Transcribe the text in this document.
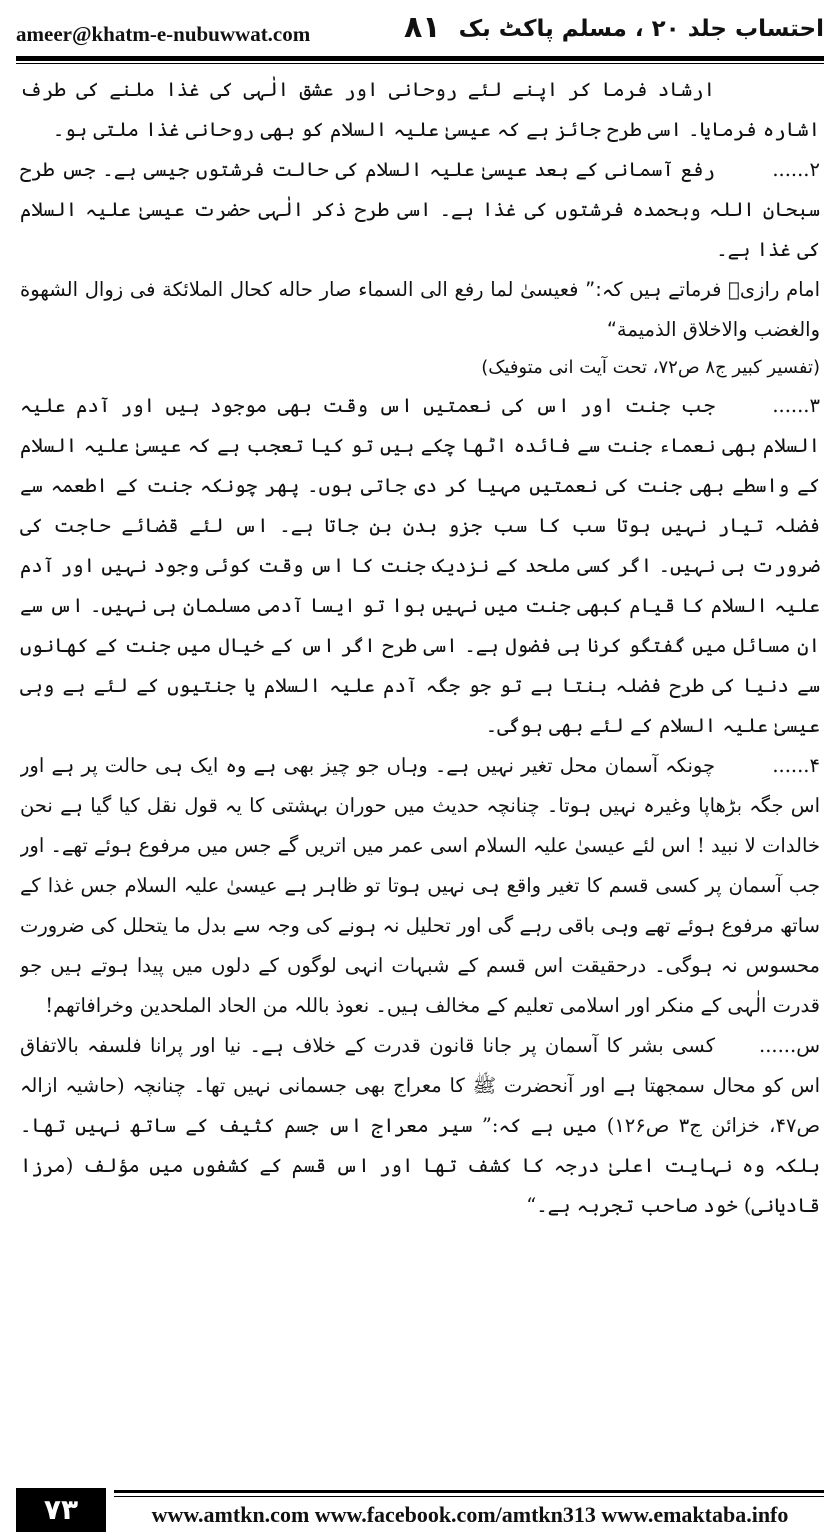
ameer@khatm-e-nubuwwat.com	۸۱ احتساب جلد ۲۰ ، مسلم پاکٹ بک

ارشاد فرما کر اپنے لئے روحانی اور عشق الٰہی کی غذا ملنے کی طرف اشارہ فرمایا۔ اسی طرح جائز ہے کہ عیسیٰ علیہ السلام کو بھی روحانی غذا ملتی ہو۔

۲......رفع آسمانی کے بعد عیسیٰ علیہ السلام کی حالت فرشتوں جیسی ہے۔ جس طرح سبحان اللہ وبحمدہ فرشتوں کی غذا ہے۔ اسی طرح ذکر الٰہی حضرت عیسیٰ علیہ السلام کی غذا ہے۔

امام رازیؒ فرماتے ہیں کہ:” فعیسیٰ لما رفع الی السماء صار حاله کحال الملائکة فی زوال الشهوة والغضب والاخلاق الذمیمة“

(تفسیر کبیر ج۸ ص۷۲، تحت آیت انی متوفیک)

۳......جب جنت اور اس کی نعمتیں اس وقت بھی موجود ہیں اور آدم علیہ السلام بھی نعماء جنت سے فائدہ اٹھا چکے ہیں تو کیا تعجب ہے کہ عیسیٰ علیہ السلام کے واسطے بھی جنت کی نعمتیں مہیا کر دی جاتی ہوں۔ پھر چونکہ جنت کے اطعمہ سے فضلہ تیار نہیں ہوتا سب کا سب جزو بدن بن جاتا ہے۔ اس لئے قضائے حاجت کی ضرورت ہی نہیں۔ اگر کسی ملحد کے نزدیک جنت کا اس وقت کوئی وجود نہیں اور آدم علیہ السلام کا قیام کبھی جنت میں نہیں ہوا تو ایسا آدمی مسلمان ہی نہیں۔ اس سے ان مسائل میں گفتگو کرنا ہی فضول ہے۔ اسی طرح اگر اس کے خیال میں جنت کے کھانوں سے دنیا کی طرح فضلہ بنتا ہے تو جو جگہ آدم علیہ السلام یا جنتیوں کے لئے ہے وہی عیسیٰ علیہ السلام کے لئے بھی ہوگی۔

۴......چونکہ آسمان محل تغیر نہیں ہے۔ وہاں جو چیز بھی ہے وہ ایک ہی حالت پر ہے اور اس جگہ بڑھاپا وغیرہ نہیں ہوتا۔ چنانچہ حدیث میں حوران بہشتی کا یہ قول نقل کیا گیا ہے نحن خالدات لا نبید ! اس لئے عیسیٰ علیہ السلام اسی عمر میں اتریں گے جس میں مرفوع ہوئے تھے۔ اور جب آسمان پر کسی قسم کا تغیر واقع ہی نہیں ہوتا تو ظاہر ہے عیسیٰ علیہ السلام جس غذا کے ساتھ مرفوع ہوئے تھے وہی باقی رہے گی اور تحلیل نہ ہونے کی وجہ سے بدل ما یتحلل کی ضرورت محسوس نہ ہوگی۔ درحقیقت اس قسم کے شبہات انہی لوگوں کے دلوں میں پیدا ہوتے ہیں جو قدرت الٰہی کے منکر اور اسلامی تعلیم کے مخالف ہیں۔ نعوذ باللہ من الحاد الملحدین وخرافاتهم!

س......کسی بشر کا آسمان پر جانا قانون قدرت کے خلاف ہے۔ نیا اور پرانا فلسفہ بالاتفاق اس کو محال سمجھتا ہے اور آنحضرت ﷺ کا معراج بھی جسمانی نہیں تھا۔ چنانچہ (حاشیہ ازالہ ص۴۷، خزائن ج۳ ص۱۲۶) میں ہے کہ:” سیر معراج اس جسم کثیف کے ساتھ نہیں تھا۔ بلکہ وہ نہایت اعلیٰ درجہ کا کشف تھا اور اس قسم کے کشفوں میں مؤلف (مرزا قادیانی) خود صاحب تجربہ ہے۔“

۷۳	www.amtkn.com www.facebook.com/amtkn313 www.emaktaba.info
